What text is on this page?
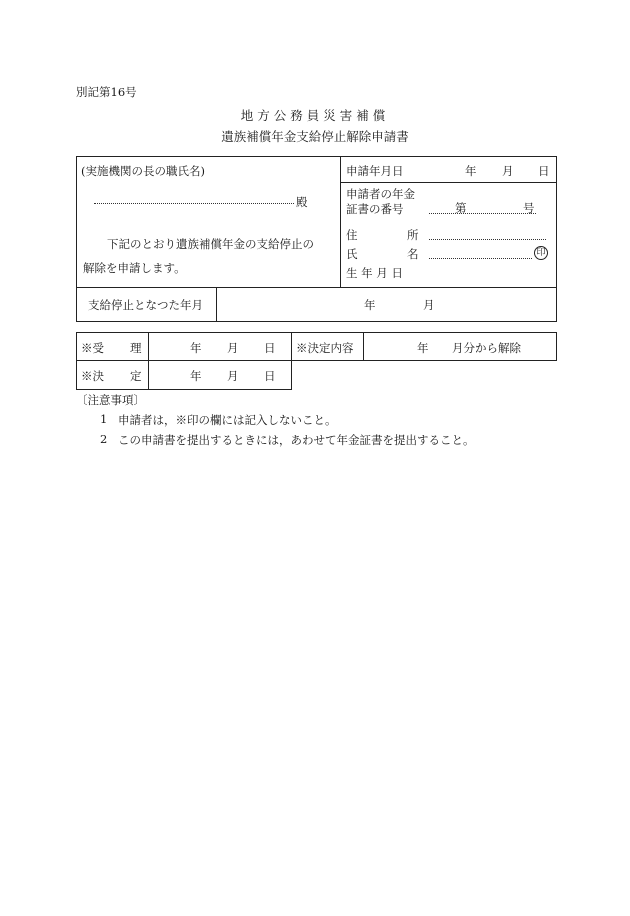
別記第16号
地方公務員災害補償
遺族補償年金支給停止解除申請書
(実施機関の長の職氏名)
殿
下記のとおり遺族補償年金の支給停止の
解除を申請します。
申請年月日	年 月 日
申請者の年金
証書の番号	第	号
住	所
氏	名	印
生 年 月 日
支給停止となつた年月	年	月
※受 理	年 月 日 ※決定内容	年 月分から解除
※決 定	年 月 日
〔注意事項〕
1 申請者は，※印の欄には記入しないこと。
2 この申請書を提出するときには，あわせて年金証書を提出すること。
